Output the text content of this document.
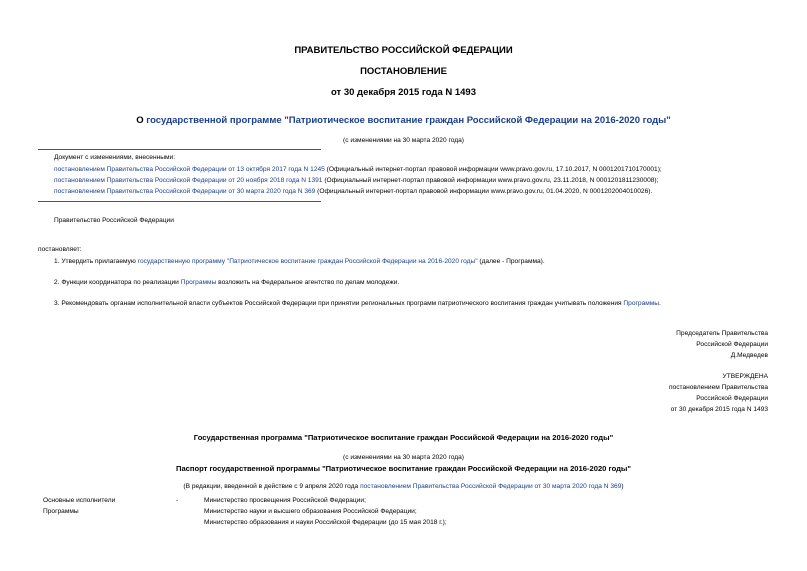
ПРАВИТЕЛЬСТВО РОССИЙСКОЙ ФЕДЕРАЦИИ
ПОСТАНОВЛЕНИЕ
от 30 декабря 2015 года N 1493
О государственной программе "Патриотическое воспитание граждан Российской Федерации на 2016-2020 годы"
(с изменениями на 30 марта 2020 года)
Документ с изменениями, внесенными:
постановлением Правительства Российской Федерации от 13 октября 2017 года N 1245 (Официальный интернет-портал правовой информации www.pravo.gov.ru, 17.10.2017, N 0001201710170001);
постановлением Правительства Российской Федерации от 20 ноября 2018 года N 1391 (Официальный интернет-портал правовой информации www.pravo.gov.ru, 23.11.2018, N 0001201811230008);
постановлением Правительства Российской Федерации от 30 марта 2020 года N 369 (Официальный интернет-портал правовой информации www.pravo.gov.ru, 01.04.2020, N 0001202004010026).
Правительство Российской Федерации
постановляет:
1. Утвердить прилагаемую государственную программу "Патриотическое воспитание граждан Российской Федерации на 2016-2020 годы" (далее - Программа).
2. Функции координатора по реализации Программы возложить на Федеральное агентство по делам молодежи.
3. Рекомендовать органам исполнительной власти субъектов Российской Федерации при принятии региональных программ патриотического воспитания граждан учитывать положения Программы.
Председатель Правительства
Российской Федерации
Д.Медведев
УТВЕРЖДЕНА
постановлением Правительства
Российской Федерации
от 30 декабря 2015 года N 1493
Государственная программа "Патриотическое воспитание граждан Российской Федерации на 2016-2020 годы"
(с изменениями на 30 марта 2020 года)
Паспорт государственной программы "Патриотическое воспитание граждан Российской Федерации на 2016-2020 годы"
(В редакции, введенной в действие с 9 апреля 2020 года постановлением Правительства Российской Федерации от 30 марта 2020 года N 369)
Основные исполнители
Программы
-	Министерство просвещения Российской Федерации;
Министерство науки и высшего образования Российской Федерации;
Министерство образования и науки Российской Федерации (до 15 мая 2018 г.);
